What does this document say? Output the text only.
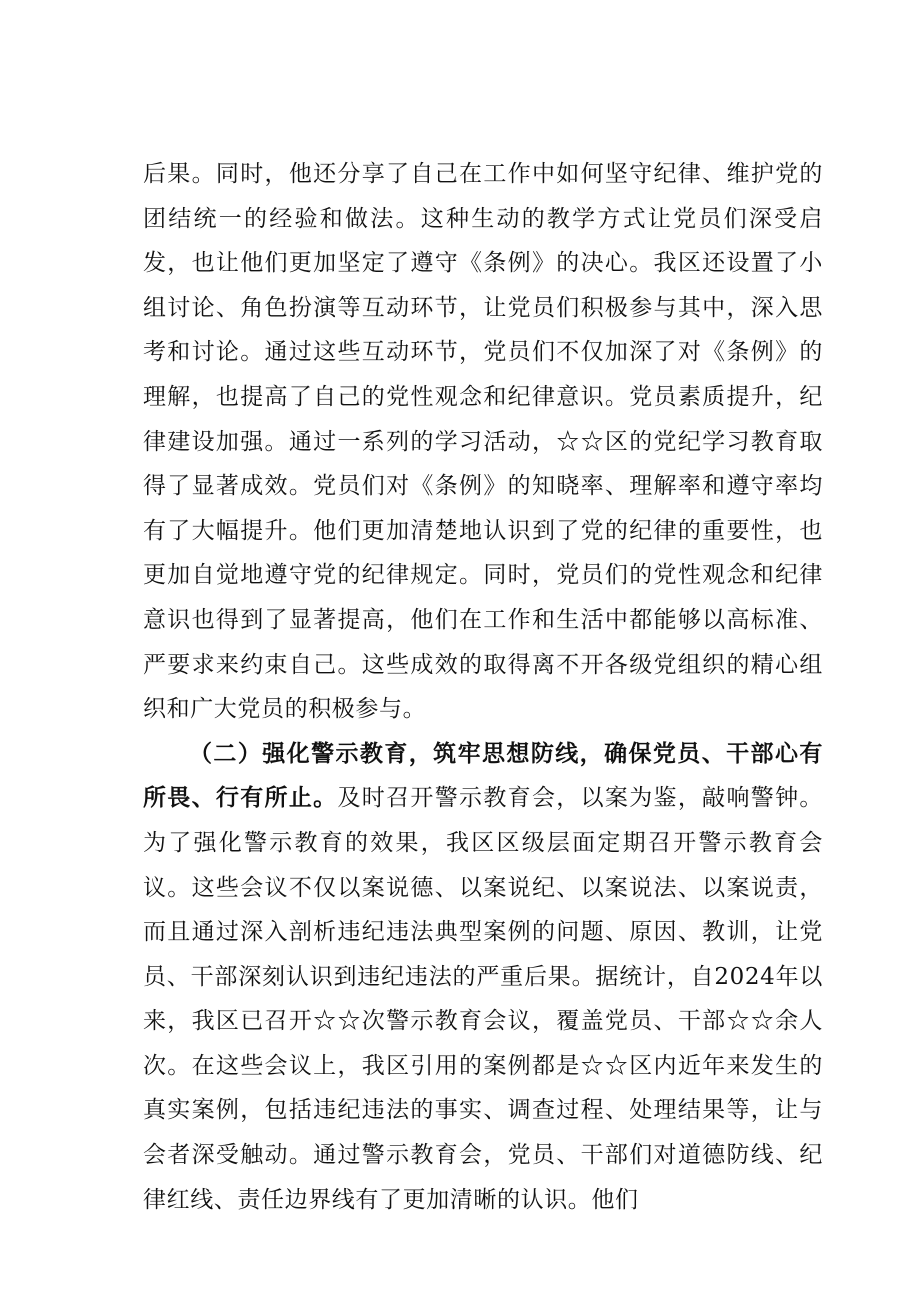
后果。同时，他还分享了自己在工作中如何坚守纪律、维护党的团结统一的经验和做法。这种生动的教学方式让党员们深受启发，也让他们更加坚定了遵守《条例》的决心。我区还设置了小组讨论、角色扮演等互动环节，让党员们积极参与其中，深入思考和讨论。通过这些互动环节，党员们不仅加深了对《条例》的理解，也提高了自己的党性观念和纪律意识。党员素质提升，纪律建设加强。通过一系列的学习活动，☆☆区的党纪学习教育取得了显著成效。党员们对《条例》的知晓率、理解率和遵守率均有了大幅提升。他们更加清楚地认识到了党的纪律的重要性，也更加自觉地遵守党的纪律规定。同时，党员们的党性观念和纪律意识也得到了显著提高，他们在工作和生活中都能够以高标准、严要求来约束自己。这些成效的取得离不开各级党组织的精心组织和广大党员的积极参与。

（二）强化警示教育，筑牢思想防线，确保党员、干部心有所畏、行有所止。及时召开警示教育会，以案为鉴，敲响警钟。为了强化警示教育的效果，我区区级层面定期召开警示教育会议。这些会议不仅以案说德、以案说纪、以案说法、以案说责，而且通过深入剖析违纪违法典型案例的问题、原因、教训，让党员、干部深刻认识到违纪违法的严重后果。据统计，自2024年以来，我区已召开☆☆次警示教育会议，覆盖党员、干部☆☆余人次。在这些会议上，我区引用的案例都是☆☆区内近年来发生的真实案例，包括违纪违法的事实、调查过程、处理结果等，让与会者深受触动。通过警示教育会，党员、干部们对道德防线、纪律红线、责任边界线有了更加清晰的认识。他们
